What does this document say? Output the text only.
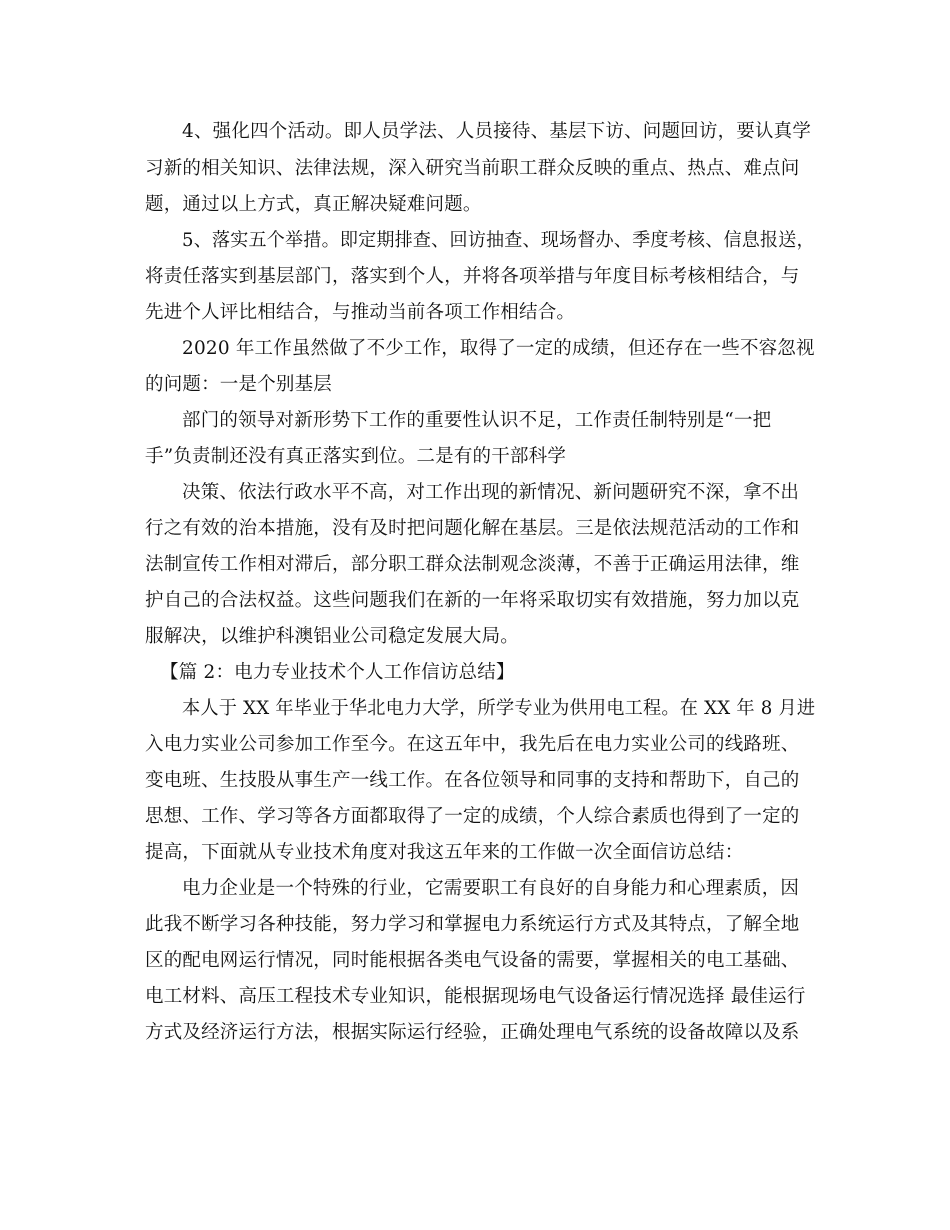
4、强化四个活动。即人员学法、人员接待、基层下访、问题回访，要认真学
习新的相关知识、法律法规，深入研究当前职工群众反映的重点、热点、难点问
题，通过以上方式，真正解决疑难问题。
5、落实五个举措。即定期排查、回访抽查、现场督办、季度考核、信息报送，
将责任落实到基层部门，落实到个人，并将各项举措与年度目标考核相结合，与
先进个人评比相结合，与推动当前各项工作相结合。
2020 年工作虽然做了不少工作，取得了一定的成绩，但还存在一些不容忽视
的问题：一是个别基层
部门的领导对新形势下工作的重要性认识不足，工作责任制特别是“一把
手”负责制还没有真正落实到位。二是有的干部科学
决策、依法行政水平不高，对工作出现的新情况、新问题研究不深，拿不出
行之有效的治本措施，没有及时把问题化解在基层。三是依法规范活动的工作和
法制宣传工作相对滞后，部分职工群众法制观念淡薄，不善于正确运用法律，维
护自己的合法权益。这些问题我们在新的一年将采取切实有效措施，努力加以克
服解决，以维护科澳铝业公司稳定发展大局。
【篇 2：电力专业技术个人工作信访总结】
本人于 XX 年毕业于华北电力大学，所学专业为供用电工程。在 XX 年 8 月进
入电力实业公司参加工作至今。在这五年中，我先后在电力实业公司的线路班、
变电班、生技股从事生产一线工作。在各位领导和同事的支持和帮助下，自己的
思想、工作、学习等各方面都取得了一定的成绩，个人综合素质也得到了一定的
提高，下面就从专业技术角度对我这五年来的工作做一次全面信访总结：
电力企业是一个特殊的行业，它需要职工有良好的自身能力和心理素质，因
此我不断学习各种技能，努力学习和掌握电力系统运行方式及其特点，了解全地
区的配电网运行情况，同时能根据各类电气设备的需要，掌握相关的电工基础、
电工材料、高压工程技术专业知识，能根据现场电气设备运行情况选择 最佳运行
方式及经济运行方法，根据实际运行经验，正确处理电气系统的设备故障以及系
